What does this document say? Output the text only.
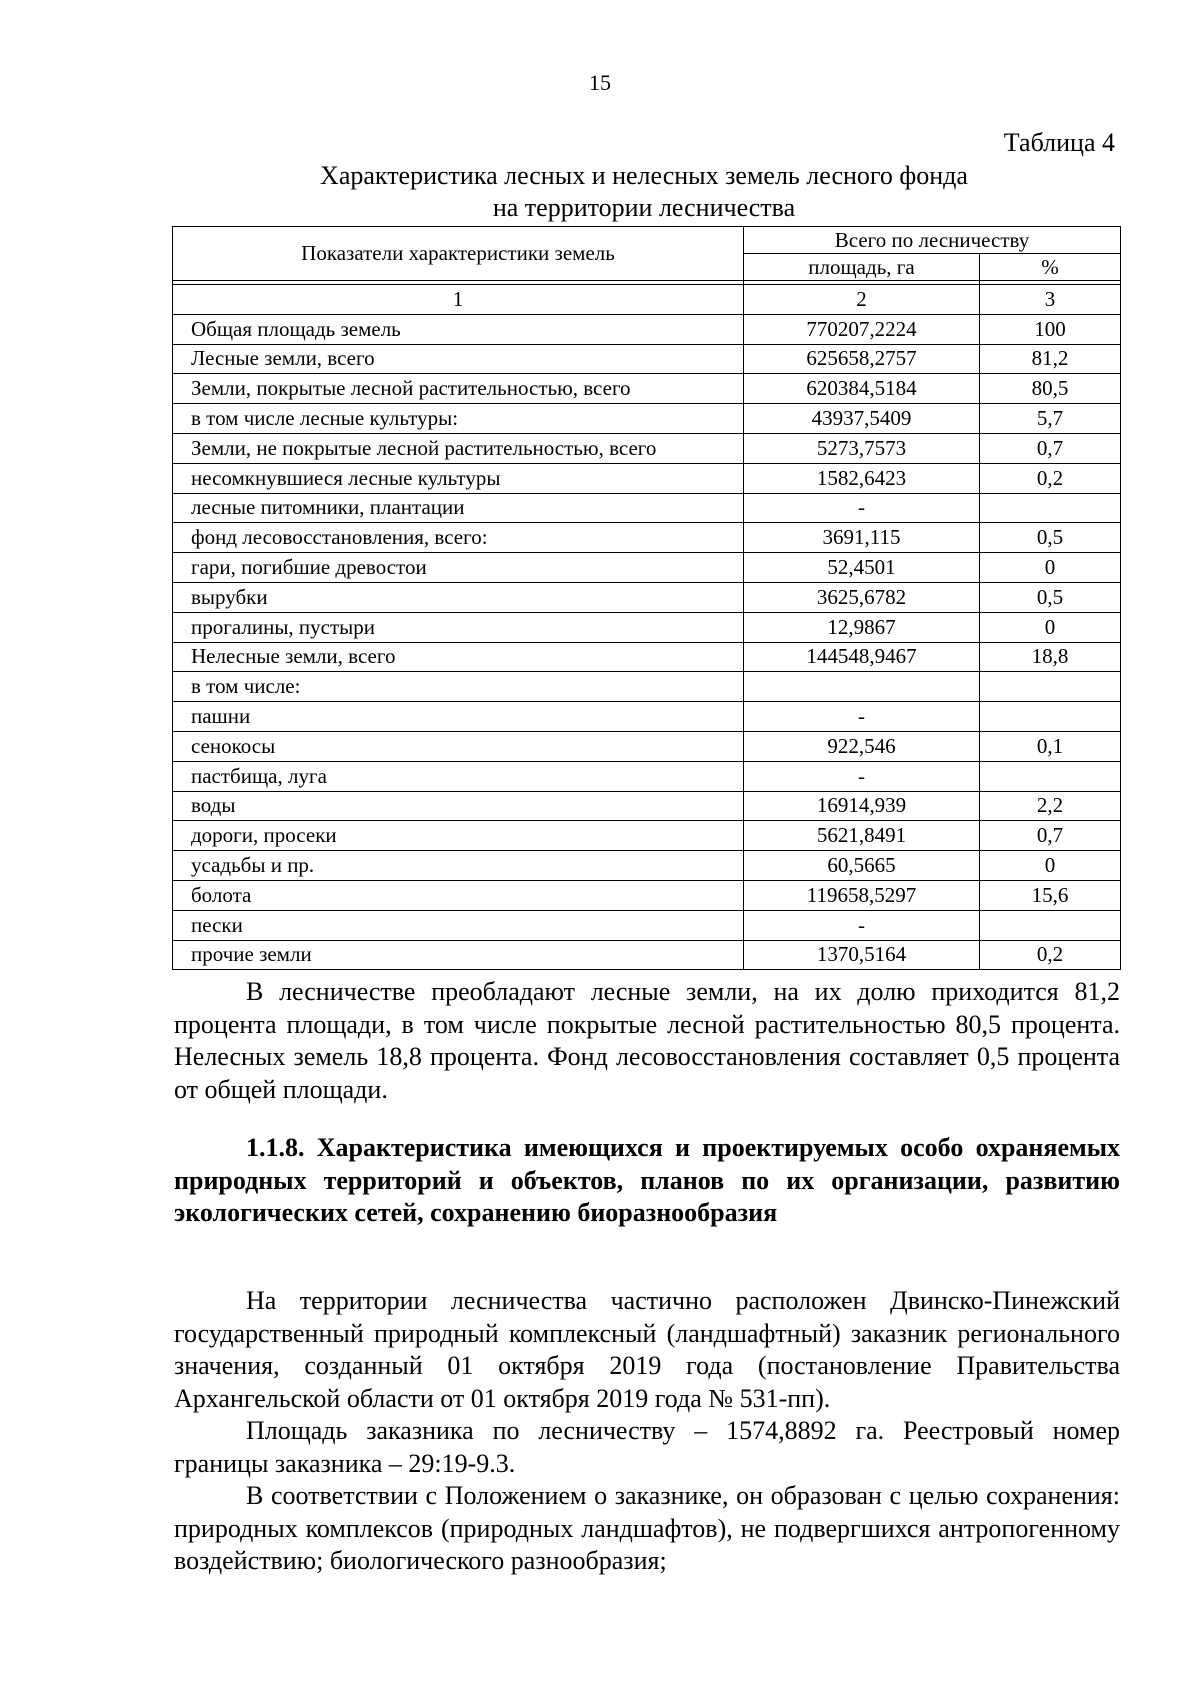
15
Таблица 4
Характеристика лесных и нелесных земель лесного фонда
на территории лесничества
Показатели характеристики земель	Всего по лесничеству	
	площадь, га	%

1	2	3
Общая площадь земель	770207,2224	100
Лесные земли, всего	625658,2757	81,2
Земли, покрытые лесной растительностью, всего	620384,5184	80,5
в том числе лесные культуры:	43937,5409	5,7
Земли, не покрытые лесной растительностью, всего	5273,7573	0,7
несомкнувшиеся лесные культуры	1582,6423	0,2
лесные питомники, плантации	-	
фонд лесовосстановления, всего:	3691,115	0,5
гари, погибшие древостои	52,4501	0
вырубки	3625,6782	0,5
прогалины, пустыри	12,9867	0
Нелесные земли, всего	144548,9467	18,8
в том числе:		
пашни	-	
сенокосы	922,546	0,1
пастбища, луга	-	
воды	16914,939	2,2
дороги, просеки	5621,8491	0,7
усадьбы и пр.	60,5665	0
болота	119658,5297	15,6
пески	-	
прочие земли	1370,5164	0,2

В лесничестве преобладают лесные земли, на их долю приходится 81,2 процента площади, в том числе покрытые лесной растительностью 80,5 процента. Нелесных земель 18,8 процента. Фонд лесовосстановления составляет 0,5 процента от общей площади.

1.1.8. Характеристика имеющихся и проектируемых особо охраняемых природных территорий и объектов, планов по их организации, развитию экологических сетей, сохранению биоразнообразия

На территории лесничества частично расположен Двинско-Пинежский государственный природный комплексный (ландшафтный) заказник регионального значения, созданный 01 октября 2019 года (постановление Правительства Архангельской области от 01 октября 2019 года № 531-пп).

Площадь заказника по лесничеству – 1574,8892 га. Реестровый номер границы заказника – 29:19-9.3.

В соответствии с Положением о заказнике, он образован с целью сохранения: природных комплексов (природных ландшафтов), не подвергшихся антропогенному воздействию; биологического разнообразия;
